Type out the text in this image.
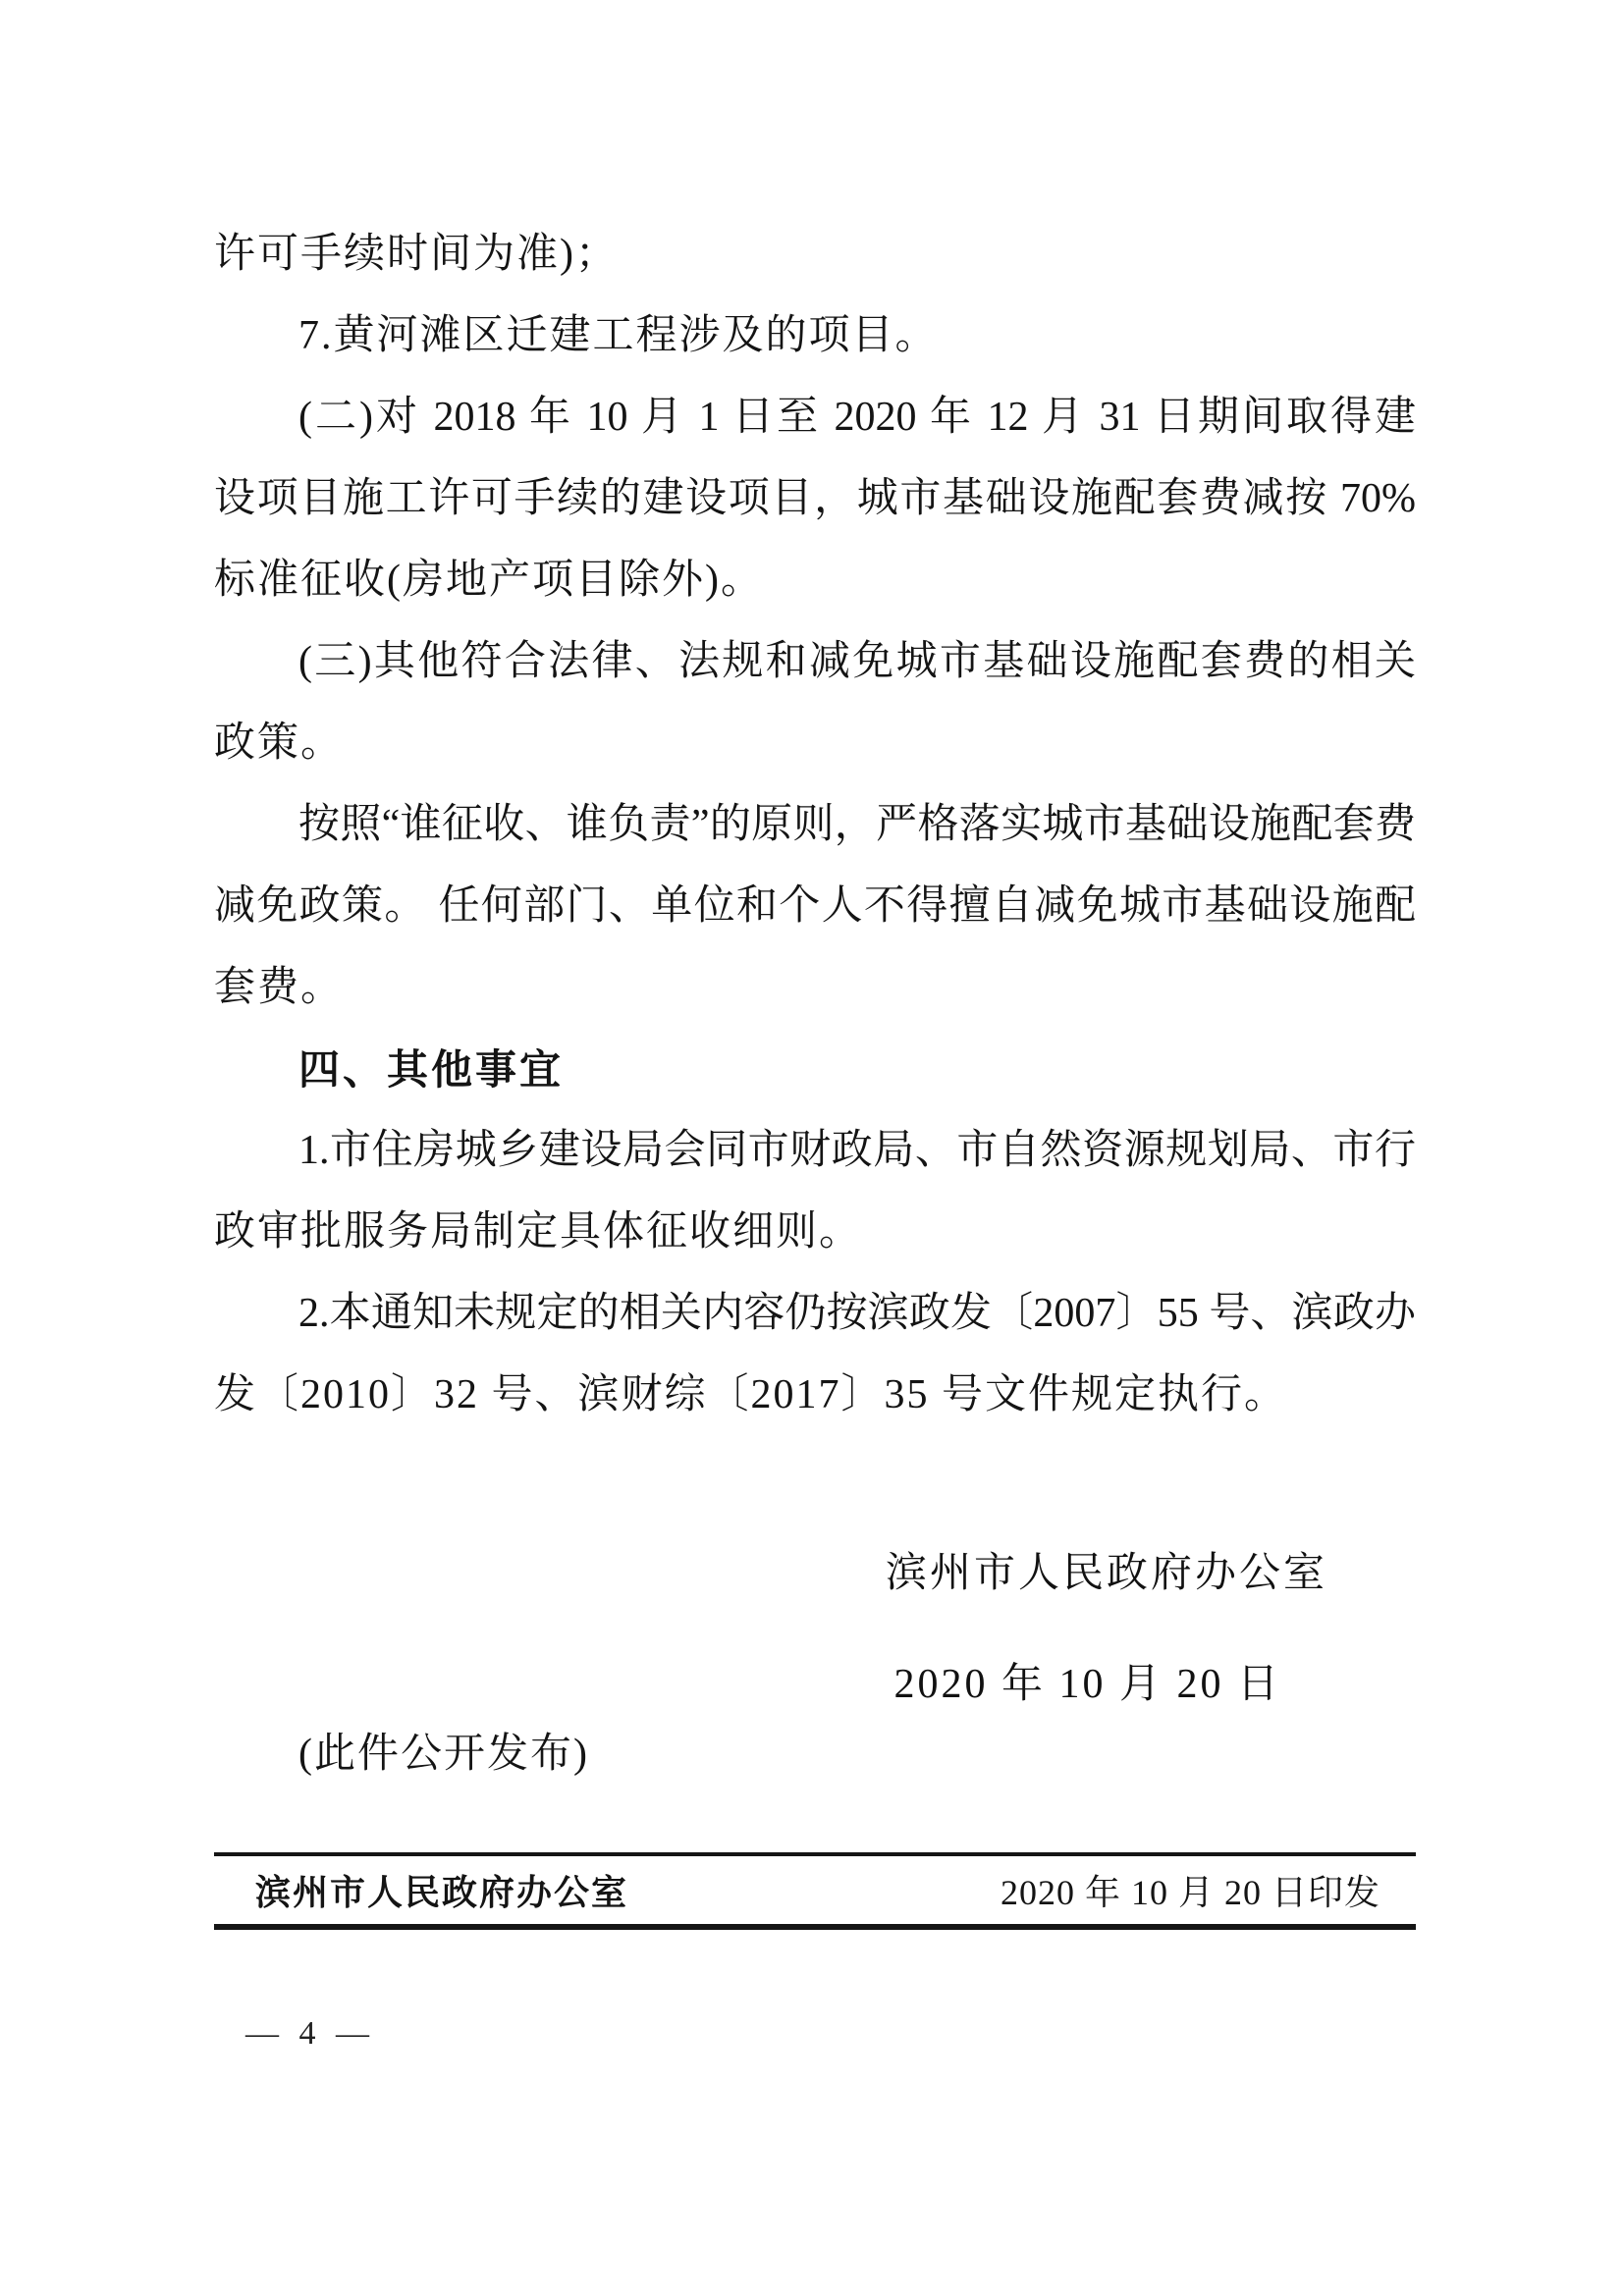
许可手续时间为准)；
7.黄河滩区迁建工程涉及的项目。
(二)对 2018 年 10 月 1 日至 2020 年 12 月 31 日期间取得建
设项目施工许可手续的建设项目，城市基础设施配套费减按 70%
标准征收(房地产项目除外)。
(三)其他符合法律、法规和减免城市基础设施配套费的相关
政策。
按照“谁征收、谁负责”的原则，严格落实城市基础设施配套费
减免政策。 任何部门、单位和个人不得擅自减免城市基础设施配
套费。
四、其他事宜
1.市住房城乡建设局会同市财政局、市自然资源规划局、市行
政审批服务局制定具体征收细则。
2.本通知未规定的相关内容仍按滨政发〔2007〕55 号、滨政办
发〔2010〕32 号、滨财综〔2017〕35 号文件规定执行。
滨州市人民政府办公室
2020 年 10 月 20 日
(此件公开发布)
滨州市人民政府办公室	2020 年 10 月 20 日印发
— 4 —
